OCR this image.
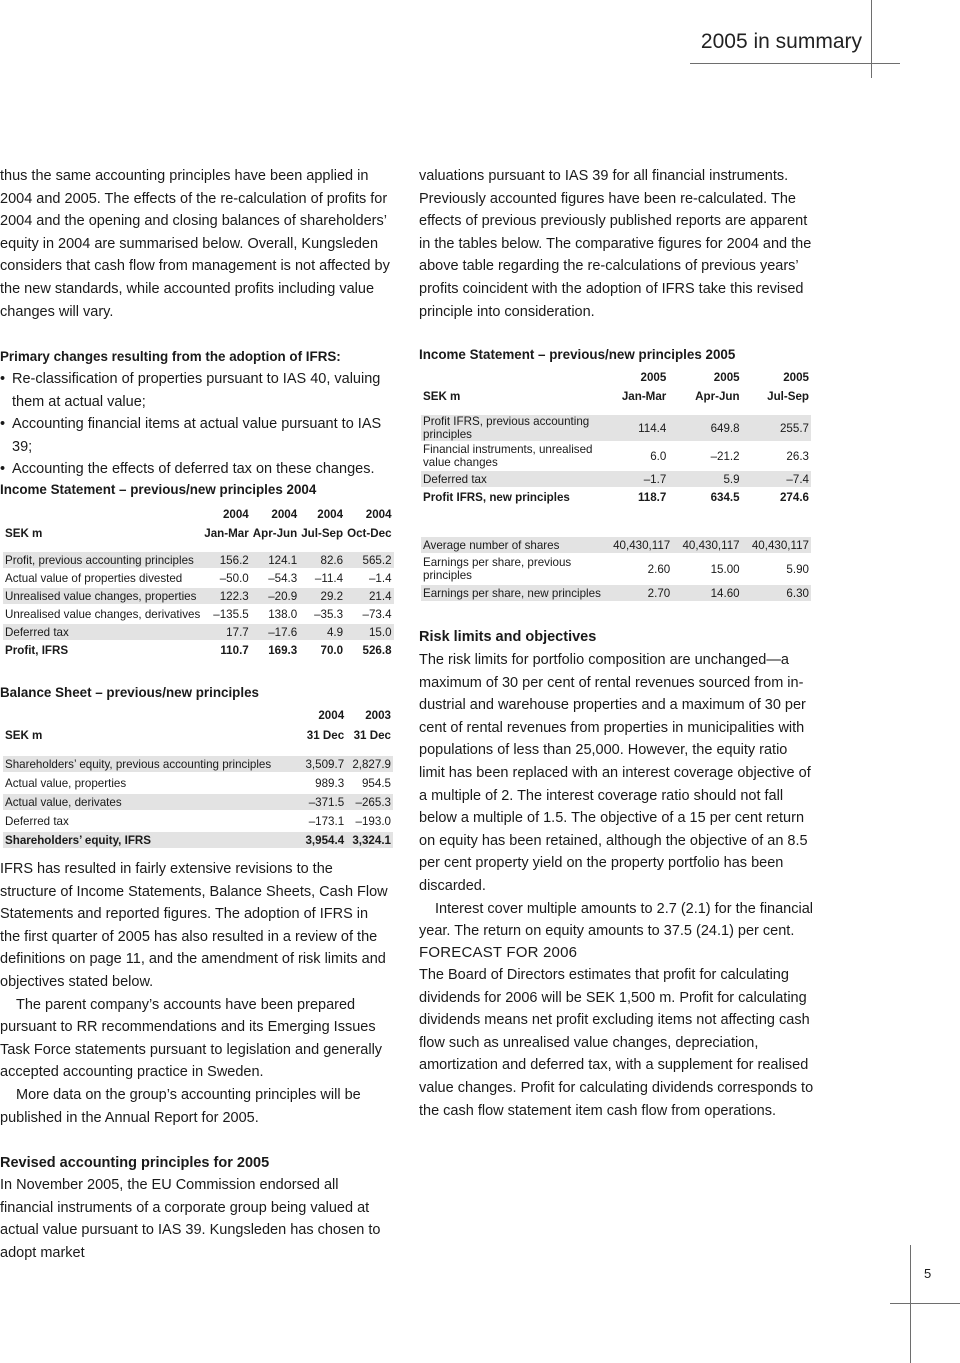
2005 in summary
5

thus the same accounting principles have been applied in 2004 and 2005. The effects of the re-calculation of profits for 2004 and the opening and closing balances of shareholders’ equity in 2004 are summarised below. Overall, Kungsleden considers that cash flow from management is not affected by the new standards, while accounted profits including value changes will vary.

Primary changes resulting from the adoption of IFRS:
• Re-classification of properties pursuant to IAS 40, valuing
them at actual value;
• Accounting financial items at actual value pursuant to IAS 39;
• Accounting the effects of deferred tax on these changes.
Income Statement – previous/new principles 2004
	2004	2004	2004	2004
SEK m	Jan-Mar	Apr-Jun	Jul-Sep	Oct-Dec

Profit, previous accounting principles	156.2	124.1	82.6	565.2
Actual value of properties divested	–50.0	–54.3	–11.4	–1.4
Unrealised value changes, properties	122.3	–20.9	29.2	21.4
Unrealised value changes, derivatives	–135.5	138.0	–35.3	–73.4
Deferred tax	17.7	–17.6	4.9	15.0
Profit, IFRS	110.7	169.3	70.0	526.8
Balance Sheet – previous/new principles
	2004	2003
SEK m	31 Dec	31 Dec

Shareholders’ equity, previous accounting principles	3,509.7	2,827.9
Actual value, properties	989.3	954.5
Actual value, derivates	–371.5	–265.3
Deferred tax	–173.1	–193.0
Shareholders’ equity, IFRS	3,954.4	3,324.1

IFRS has resulted in fairly extensive revisions to the structure of Income Statements, Balance Sheets, Cash Flow Statements and reported figures. The adoption of IFRS in the first quarter of 2005 has also resulted in a review of the definitions on page 11, and the amendment of risk limits and objectives stated below.

The parent company’s accounts have been prepared pursuant to RR recommendations and its Emerging Issues Task Force statements pursuant to legislation and generally accepted accounting practice in Sweden.

More data on the group’s accounting principles will be published in the Annual Report for 2005.

Revised accounting principles for 2005

In November 2005, the EU Commission endorsed all financial instruments of a corporate group being valued at actual value pursuant to IAS 39. Kungsleden has chosen to adopt market

valuations pursuant to IAS 39 for all financial instruments. Previously accounted figures have been re-calculated. The effects of previous previously published reports are apparent in the tables below. The comparative figures for 2004 and the above table regarding the re-calculations of previous years’ profits coincident with the adoption of IFRS take this revised principle into consideration.

Income Statement – previous/new principles 2005
	2005	2005	2005
SEK m	Jan-Mar	Apr-Jun	Jul-Sep

Profit IFRS, previous accounting principles	114.4	649.8	255.7
Financial instruments, unrealised value changes	6.0	–21.2	26.3
Deferred tax	–1.7	5.9	–7.4
Profit IFRS, new principles	118.7	634.5	274.6
Average number of shares	40,430,117	40,430,117	40,430,117
Earnings per share, previous principles	2.60	15.00	5.90
Earnings per share, new principles	2.70	14.60	6.30
Risk limits and objectives

The risk limits for portfolio composition are unchanged—a maximum of 30 per cent of rental revenues sourced from industrial and warehouse properties and a maximum of 30 per cent of rental revenues from properties in municipalities with populations of less than 25,000. However, the equity ratio limit has been replaced with an interest coverage objective of a multiple of 2. The interest coverage ratio should not fall below a multiple of 1.5. The objective of a 15 per cent return on equity has been retained, although the objective of an 8.5 per cent property yield on the property portfolio has been discarded.

Interest cover multiple amounts to 2.7 (2.1) for the financial year. The return on equity amounts to 37.5 (24.1) per cent.

FORECAST FOR 2006

The Board of Directors estimates that profit for calculating dividends for 2006 will be SEK 1,500 m. Profit for calculating dividends means net profit excluding items not affecting cash flow such as unrealised value changes, depreciation, amortization and deferred tax, with a supplement for realised value changes. Profit for calculating dividends corresponds to the cash flow statement item cash flow from operations.
